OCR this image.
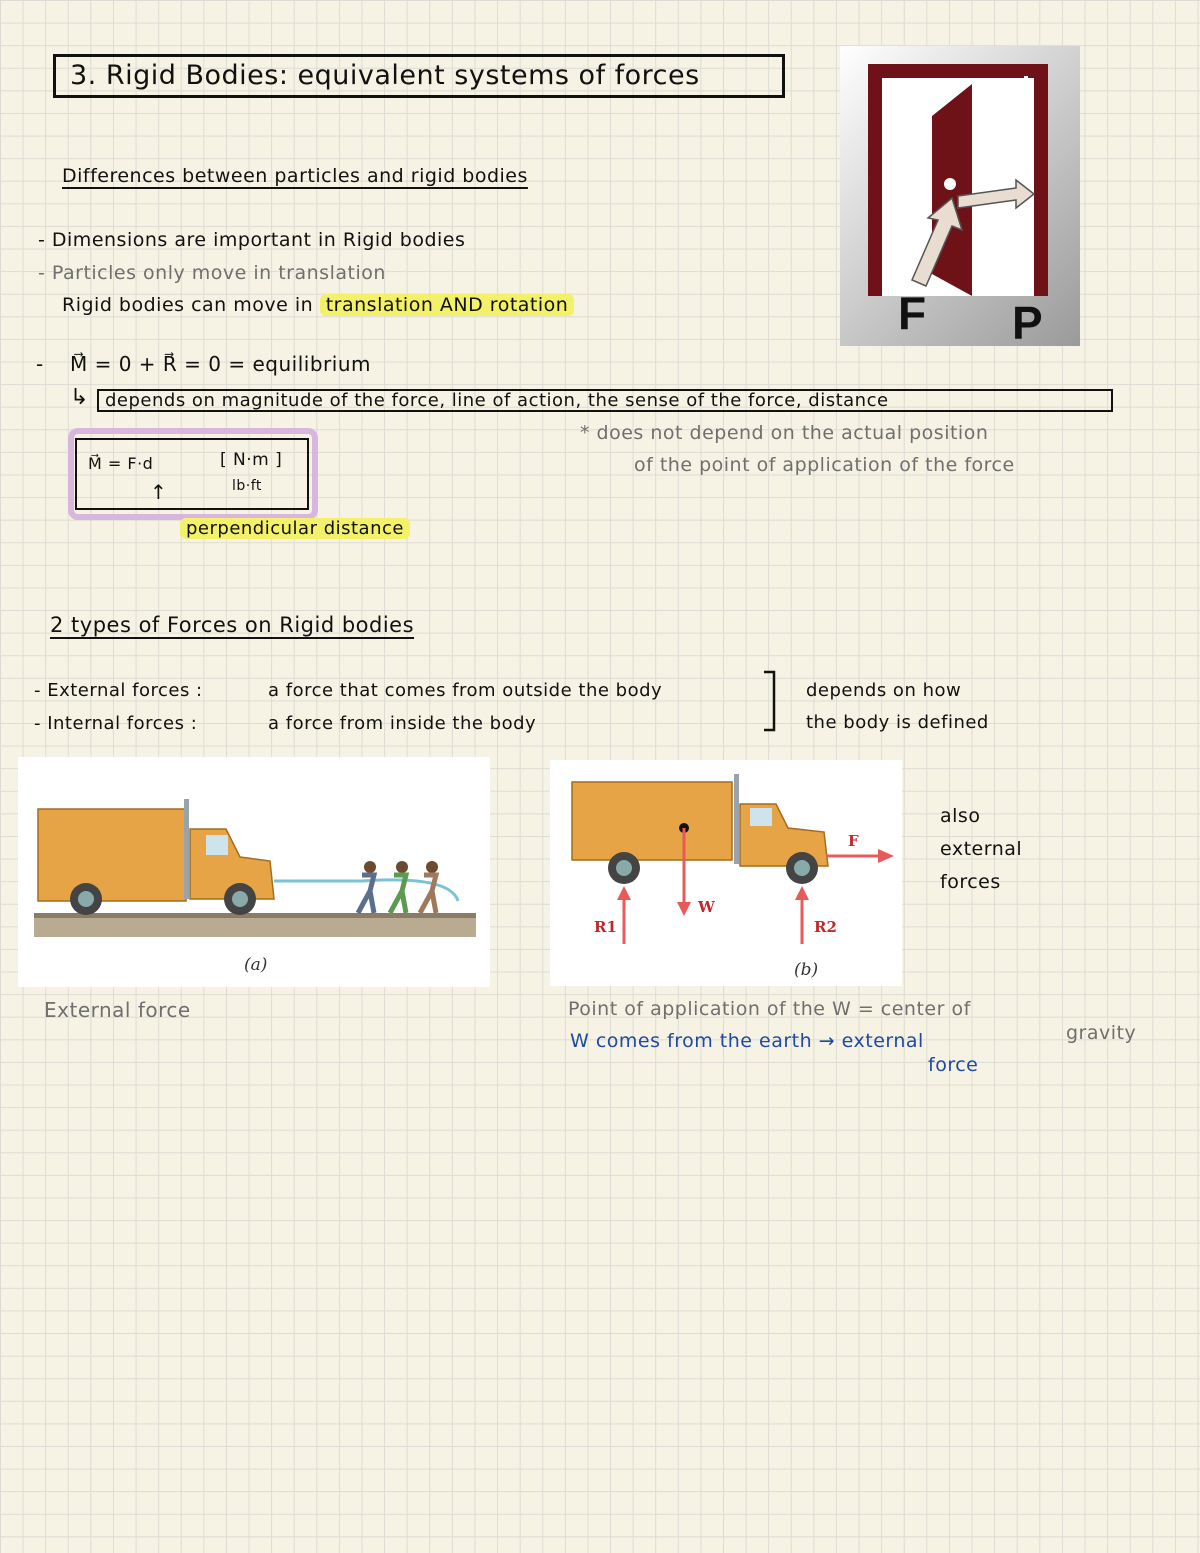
3. Rigid Bodies: equivalent systems of forces
Differences between particles and rigid bodies
- Dimensions are important in Rigid bodies
- Particles only move in translation
Rigid bodies can move in translation AND rotation
- M⃗ = 0 + R⃗ = 0 = equilibrium
↳ depends on magnitude of the force, line of action, the sense of the force, distance
* does not depend on the actual position
of the point of application of the force
M⃗ = F·d	[ N·m ]
lb·ft
↑
perpendicular distance
F P
2 types of Forces on Rigid bodies
- External forces :	a force that comes from outside the body
- Internal forces :	a force from inside the body
depends on how
the body is defined
(a)
F
W
R1	R2
(b)
also
external
forces
External force	Point of application of the W = center of
gravity
W comes from the earth → external
force
